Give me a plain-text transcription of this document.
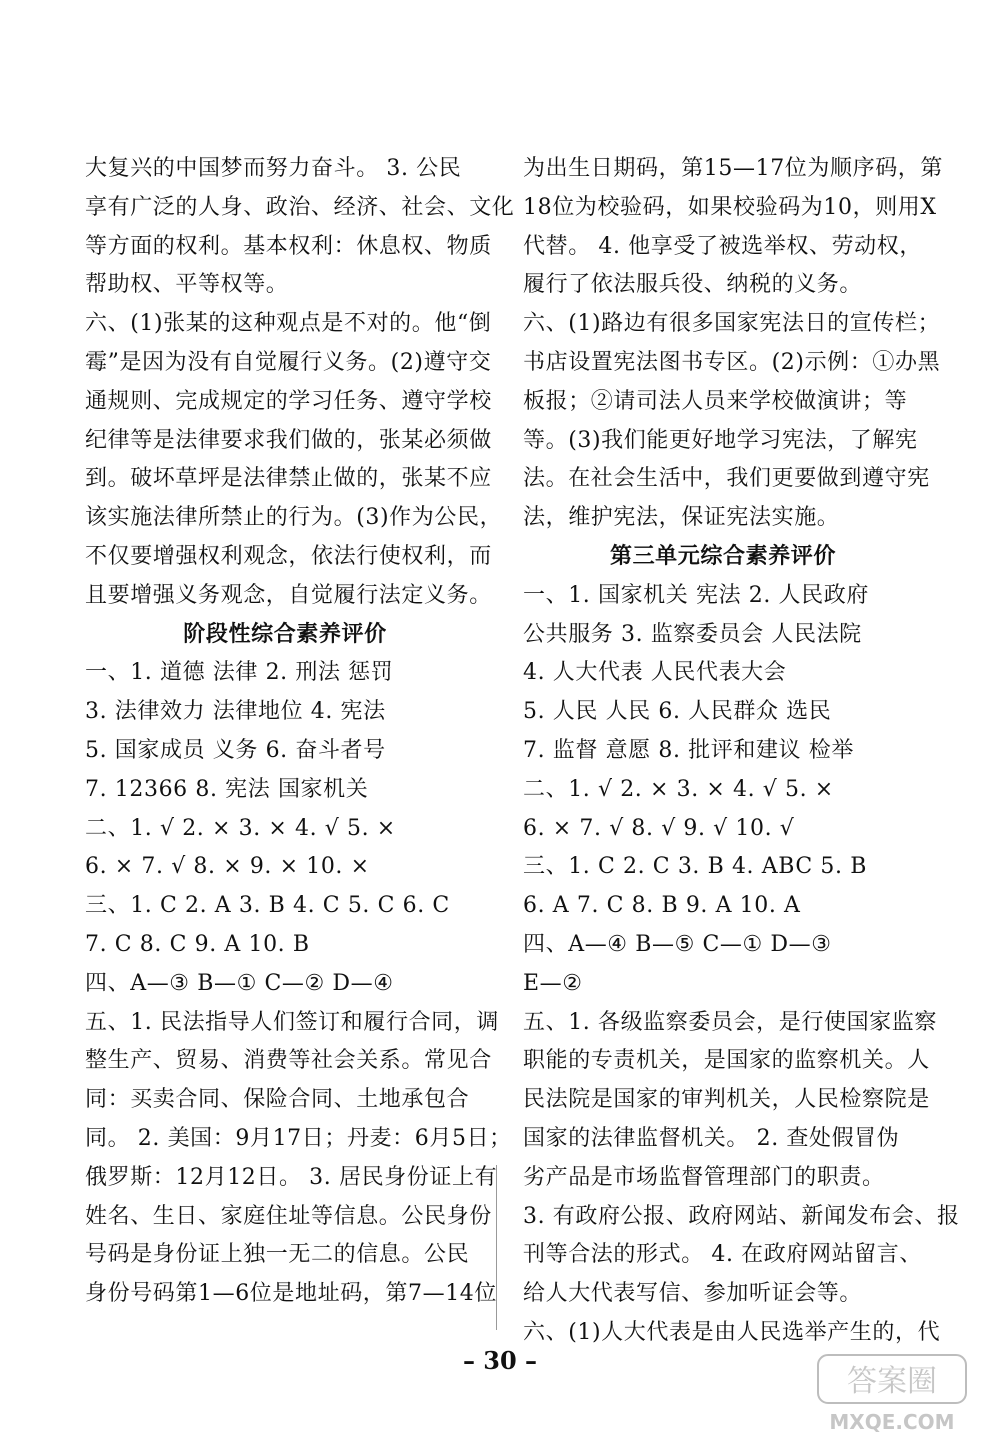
大复兴的中国梦而努力奋斗。 3. 公民
享有广泛的人身、政治、经济、社会、文化
等方面的权利。基本权利：休息权、物质
帮助权、平等权等。
六、(1)张某的这种观点是不对的。他“倒
霉”是因为没有自觉履行义务。(2)遵守交
通规则、完成规定的学习任务、遵守学校
纪律等是法律要求我们做的，张某必须做
到。破坏草坪是法律禁止做的，张某不应
该实施法律所禁止的行为。(3)作为公民，
不仅要增强权利观念，依法行使权利，而
且要增强义务观念，自觉履行法定义务。
阶段性综合素养评价
一、1. 道德 法律 2. 刑法 惩罚
3. 法律效力 法律地位 4. 宪法
5. 国家成员 义务 6. 奋斗者号
7. 12366 8. 宪法 国家机关
二、1. √ 2. × 3. × 4. √ 5. ×
6. × 7. √ 8. × 9. × 10. ×
三、1. C 2. A 3. B 4. C 5. C 6. C
7. C 8. C 9. A 10. B
四、A—③ B—① C—② D—④
五、1. 民法指导人们签订和履行合同，调
整生产、贸易、消费等社会关系。常见合
同：买卖合同、保险合同、土地承包合
同。 2. 美国：9月17日；丹麦：6月5日；
俄罗斯：12月12日。 3. 居民身份证上有
姓名、生日、家庭住址等信息。公民身份
号码是身份证上独一无二的信息。公民
身份号码第1—6位是地址码，第7—14位
为出生日期码，第15—17位为顺序码，第
18位为校验码，如果校验码为10，则用X
代替。 4. 他享受了被选举权、劳动权，
履行了依法服兵役、纳税的义务。
六、(1)路边有很多国家宪法日的宣传栏；
书店设置宪法图书专区。(2)示例：①办黑
板报；②请司法人员来学校做演讲；等
等。(3)我们能更好地学习宪法，了解宪
法。在社会生活中，我们更要做到遵守宪
法，维护宪法，保证宪法实施。
第三单元综合素养评价
一、1. 国家机关 宪法 2. 人民政府
公共服务 3. 监察委员会 人民法院
4. 人大代表 人民代表大会
5. 人民 人民 6. 人民群众 选民
7. 监督 意愿 8. 批评和建议 检举
二、1. √ 2. × 3. × 4. √ 5. ×
6. × 7. √ 8. √ 9. √ 10. √
三、1. C 2. C 3. B 4. ABC 5. B
6. A 7. C 8. B 9. A 10. A
四、A—④ B—⑤ C—① D—③
E—②
五、1. 各级监察委员会，是行使国家监察
职能的专责机关，是国家的监察机关。人
民法院是国家的审判机关，人民检察院是
国家的法律监督机关。 2. 查处假冒伪
劣产品是市场监督管理部门的职责。
3. 有政府公报、政府网站、新闻发布会、报
刊等合法的形式。 4. 在政府网站留言、
给人大代表写信、参加听证会等。
六、(1)人大代表是由人民选举产生的，代
– 30 –
答案圈
MXQE.COM
